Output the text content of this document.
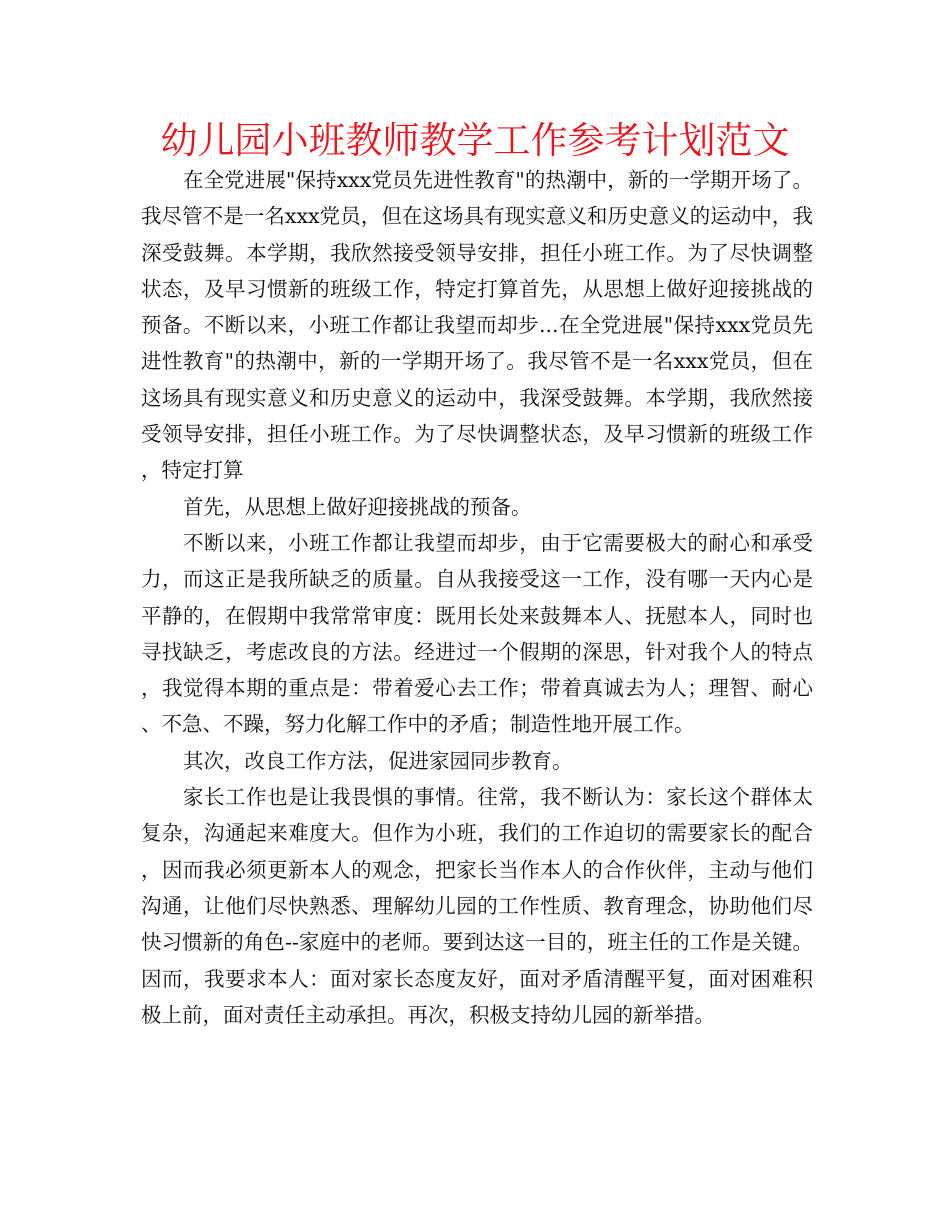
幼儿园小班教师教学工作参考计划范文

在全党进展"保持xxx党员先进性教育"的热潮中，新的一学期开场了。我尽管不是一名xxx党员，但在这场具有现实意义和历史意义的运动中，我深受鼓舞。本学期，我欣然接受领导安排，担任小班工作。为了尽快调整状态，及早习惯新的班级工作，特定打算首先，从思想上做好迎接挑战的预备。不断以来，小班工作都让我望而却步...在全党进展"保持xxx党员先进性教育"的热潮中，新的一学期开场了。我尽管不是一名xxx党员，但在这场具有现实意义和历史意义的运动中，我深受鼓舞。本学期，我欣然接受领导安排，担任小班工作。为了尽快调整状态，及早习惯新的班级工作，特定打算

首先，从思想上做好迎接挑战的预备。

不断以来，小班工作都让我望而却步，由于它需要极大的耐心和承受力，而这正是我所缺乏的质量。自从我接受这一工作，没有哪一天内心是平静的，在假期中我常常审度：既用长处来鼓舞本人、抚慰本人，同时也寻找缺乏，考虑改良的方法。经进过一个假期的深思，针对我个人的特点，我觉得本期的重点是：带着爱心去工作；带着真诚去为人；理智、耐心、不急、不躁，努力化解工作中的矛盾；制造性地开展工作。

其次，改良工作方法，促进家园同步教育。

家长工作也是让我畏惧的事情。往常，我不断认为：家长这个群体太复杂，沟通起来难度大。但作为小班，我们的工作迫切的需要家长的配合，因而我必须更新本人的观念，把家长当作本人的合作伙伴，主动与他们沟通，让他们尽快熟悉、理解幼儿园的工作性质、教育理念，协助他们尽快习惯新的角色--家庭中的老师。要到达这一目的，班主任的工作是关键。因而，我要求本人：面对家长态度友好，面对矛盾清醒平复，面对困难积极上前，面对责任主动承担。再次，积极支持幼儿园的新举措。
